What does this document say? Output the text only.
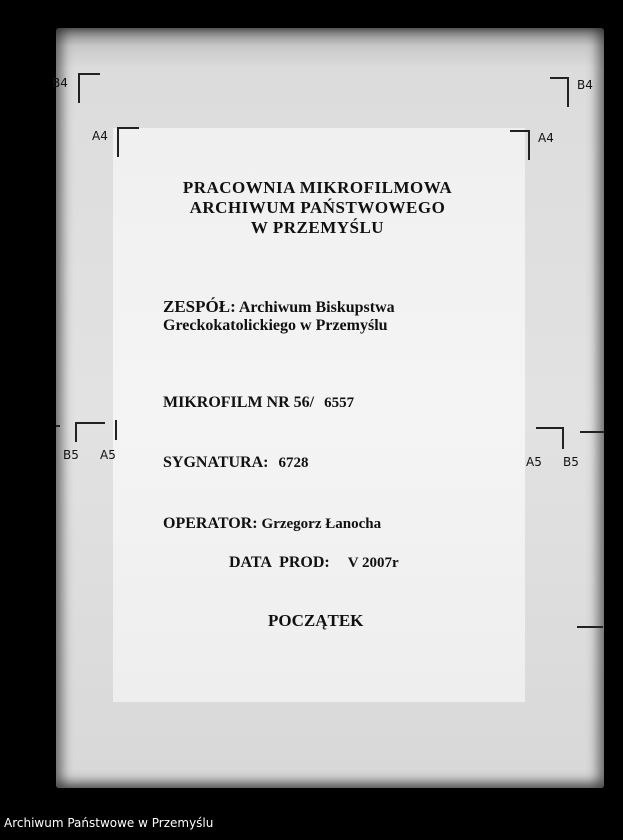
B4	B4
A4	A4
B5 A5	A5 B5
PRACOWNIA MIKROFILMOWA
ARCHIWUM PAŃSTWOWEGO
W PRZEMYŚLU
ZESPÓŁ: Archiwum Biskupstwa
Greckokatolickiego w Przemyślu
MIKROFILM NR 56/ 6557
SYGNATURA: 6728
OPERATOR: Grzegorz Łanocha
DATA  PROD: V 2007r
POCZĄTEK
Archiwum Państwowe w Przemyślu
